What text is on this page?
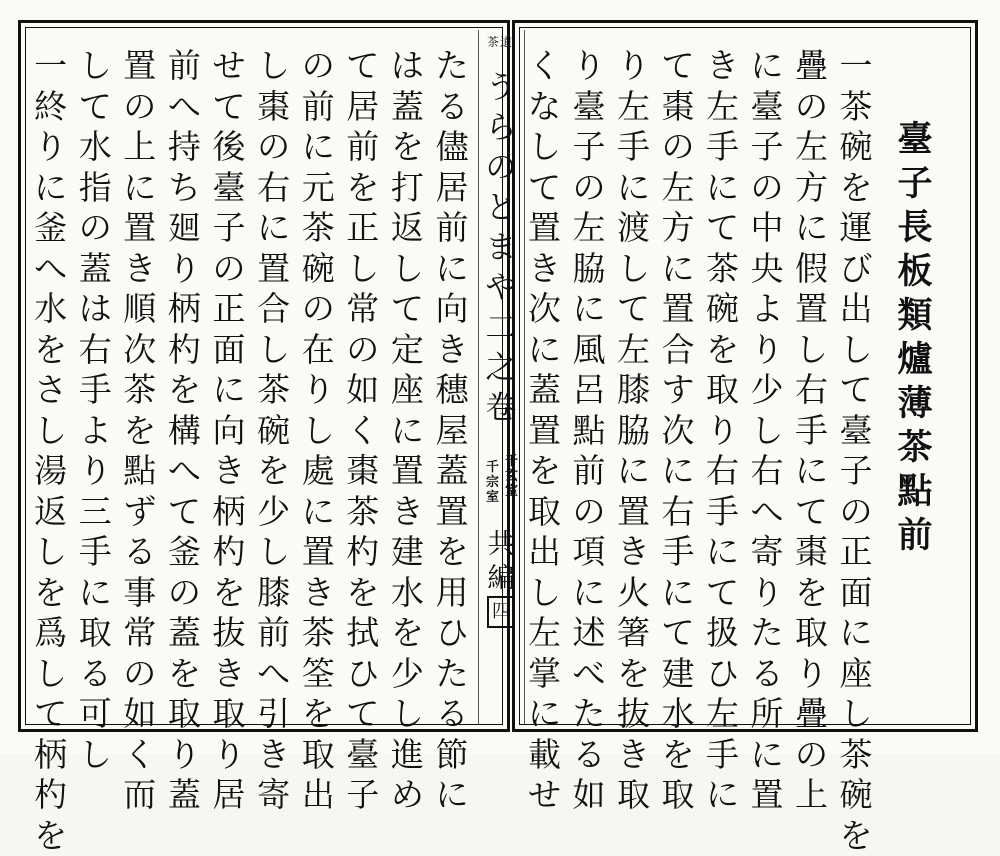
臺
子
長
板
類
爐
薄
茶
點
前
一
茶
碗
を
運
び
出
し
て
臺
子
の
正
面
に
座
し
茶
碗
を
疊
の
左
方
に
假
置
し
右
手
に
て
棗
を
取
り
疊
の
上
に
臺
子
の
中
央
よ
り
少
し
右
へ
寄
り
た
る
所
に
置
き
左
手
に
て
茶
碗
を
取
り
右
手
に
て
扱
ひ
左
手
に
て
棗
の
左
方
に
置
合
す
次
に
右
手
に
て
建
水
を
取
り
左
手
に
渡
し
て
左
膝
脇
に
置
き
火
箸
を
抜
き
取
り
臺
子
の
左
脇
に
風
呂
點
前
の
項
に
述
べ
た
る
如
く
な
し
て
置
き
次
に
蓋
置
を
取
出
し
左
掌
に
載
せ
茶道
う
ら
の
と
ま
や
二
之
卷
千
玄
室
千
宗
室
共
編
四
た
る
儘
居
前
に
向
き
穗
屋
蓋
置
を
用
ひ
た
る
節
に
は
蓋
を
打
返
し
て
定
座
に
置
き
建
水
を
少
し
進
め
て
居
前
を
正
し
常
の
如
く
棗
茶
杓
を
拭
ひ
て
臺
子
の
前
に
元
茶
碗
の
在
り
し
處
に
置
き
茶
筌
を
取
出
し
棗
の
右
に
置
合
し
茶
碗
を
少
し
膝
前
へ
引
き
寄
せ
て
後
臺
子
の
正
面
に
向
き
柄
杓
を
抜
き
取
り
居
前
へ
持
ち
廻
り
柄
杓
を
構
へ
て
釜
の
蓋
を
取
り
蓋
置
の
上
に
置
き
順
次
茶
を
點
ず
る
事
常
の
如
く
而
し
て
水
指
の
蓋
は
右
手
よ
り
三
手
に
取
る
可
し
一
終
り
に
釜
へ
水
を
さ
し
湯
返
し
を
爲
し
て
柄
杓
を
